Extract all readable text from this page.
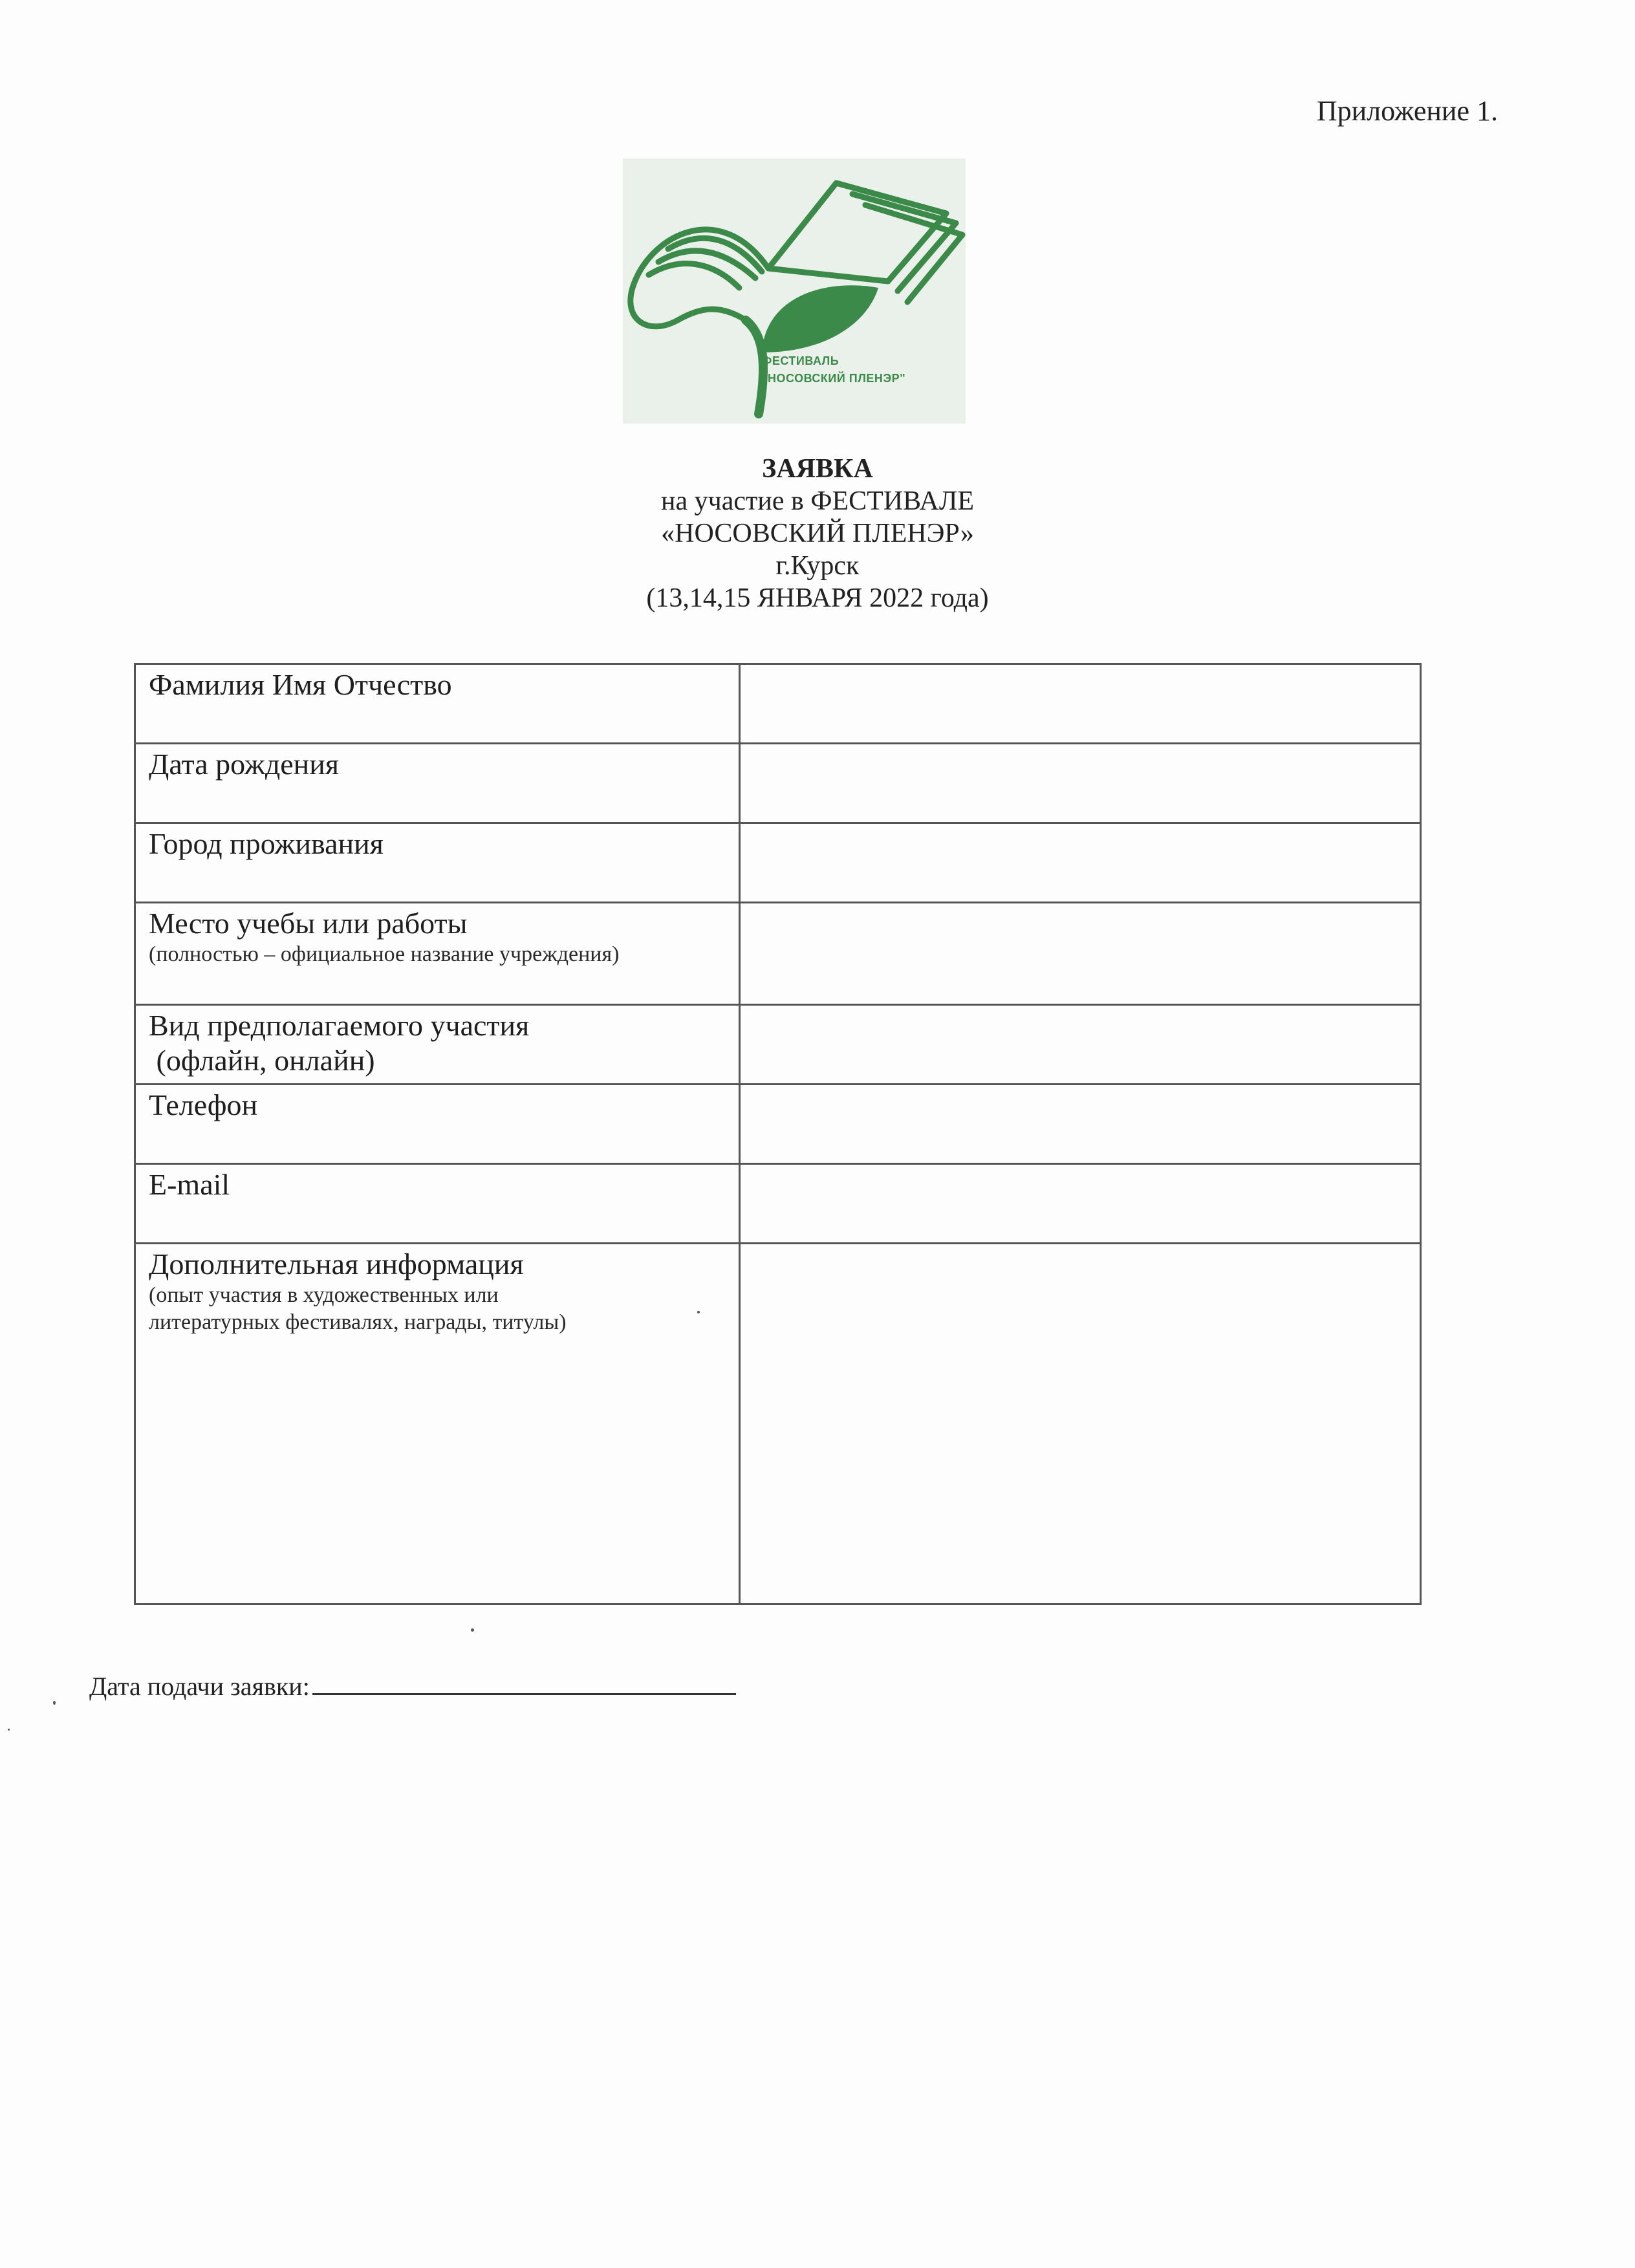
Приложение 1.
ФЕСТИВАЛЬ
"НОСОВСКИЙ ПЛЕНЭР"
ЗАЯВКА
на участие в ФЕСТИВАЛЕ
«НОСОВСКИЙ ПЛЕНЭР»
г.Курск
(13,14,15 ЯНВАРЯ 2022 года)
Фамилия Имя Отчество	

Дата рождения	

Город проживания	

Место учебы или работы
(полностью – официальное название учреждения)	

Вид предполагаемого участия
(офлайн, онлайн)	

Телефон	

E-mail	

Дополнительная информация
(опыт участия в художественных или
литературных фестивалях, награды, титулы)	

Дата подачи заявки:
